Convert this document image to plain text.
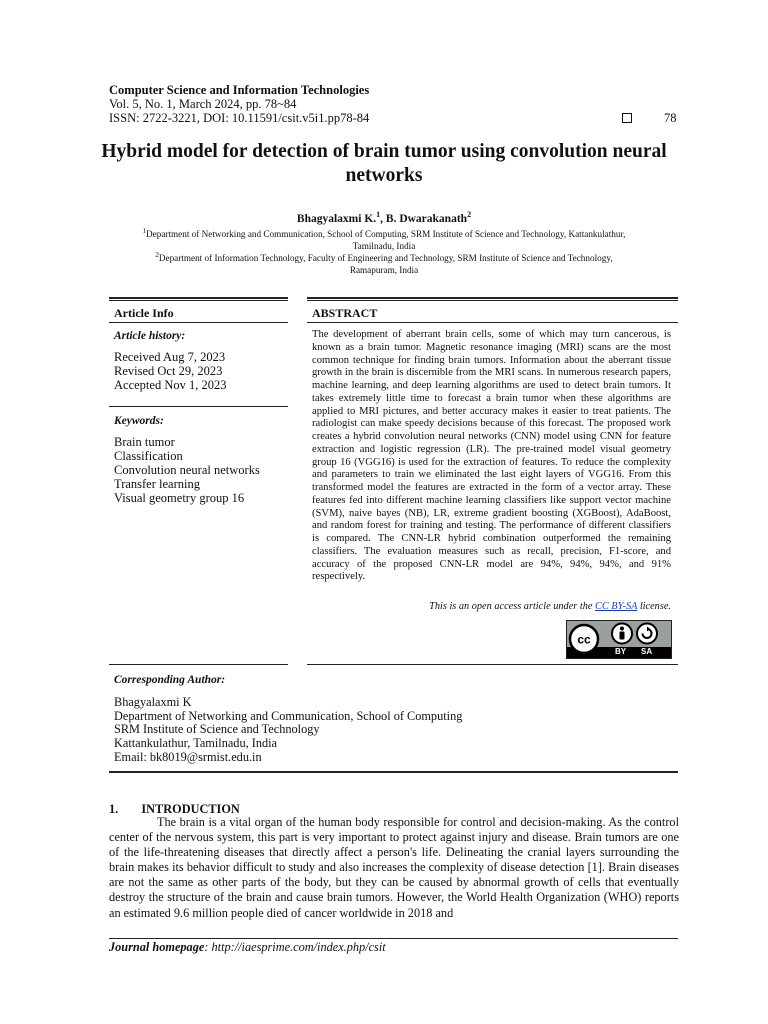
Computer Science and Information Technologies
Vol. 5, No. 1, March 2024, pp. 78~84
ISSN: 2722-3221, DOI: 10.11591/csit.v5i1.pp78-84	78
Hybrid model for detection of brain tumor using convolution neural networks
Bhagyalaxmi K.$^1$, B. Dwarakanath$^2$
$^1$Department of Networking and Communication, School of Computing, SRM Institute of Science and Technology, Kattankulathur,
Tamilnadu, India
$^2$Department of Information Technology, Faculty of Engineering and Technology, SRM Institute of Science and Technology,
Ramapuram, India
Article Info
Article history:
Received Aug 7, 2023
Revised Oct 29, 2023
Accepted Nov 1, 2023
Keywords:
Brain tumor
Classification
Convolution neural networks
Transfer learning
Visual geometry group 16
ABSTRACT
The development of aberrant brain cells, some of which may turn cancerous, is known as a brain tumor. Magnetic resonance imaging (MRI) scans are the most common technique for finding brain tumors. Information about the aberrant tissue growth in the brain is discernible from the MRI scans. In numerous research papers, machine learning, and deep learning algorithms are used to detect brain tumors. It takes extremely little time to forecast a brain tumor when these algorithms are applied to MRI pictures, and better accuracy makes it easier to treat patients. The radiologist can make speedy decisions because of this forecast. The proposed work creates a hybrid convolution neural networks (CNN) model using CNN for feature extraction and logistic regression (LR). The pre-trained model visual geometry group 16 (VGG16) is used for the extraction of features. To reduce the complexity and parameters to train we eliminated the last eight layers of VGG16. From this transformed model the features are extracted in the form of a vector array. These features fed into different machine learning classifiers like support vector machine (SVM), naive bayes (NB), LR, extreme gradient boosting (XGBoost), AdaBoost, and random forest for training and testing. The performance of different classifiers is compared. The CNN-LR hybrid combination outperformed the remaining classifiers. The evaluation measures such as recall, precision, F1-score, and accuracy of the proposed CNN-LR model are 94%, 94%, 94%, and 91% respectively.
This is an open access article under the CC BY-SA license.
cc
BY SA
Corresponding Author:
Bhagyalaxmi K
Department of Networking and Communication, School of Computing
SRM Institute of Science and Technology
Kattankulathur, Tamilnadu, India
Email: bk8019@srmist.edu.in
1. INTRODUCTION
The brain is a vital organ of the human body responsible for control and decision-making. As the control center of the nervous system, this part is very important to protect against injury and disease. Brain tumors are one of the life-threatening diseases that directly affect a person's life. Delineating the cranial layers surrounding the brain makes its behavior difficult to study and also increases the complexity of disease detection [1]. Brain diseases are not the same as other parts of the body, but they can be caused by abnormal growth of cells that eventually destroy the structure of the brain and cause brain tumors. However, the World Health Organization (WHO) reports an estimated 9.6 million people died of cancer worldwide in 2018 and
Journal homepage: http://iaesprime.com/index.php/csit
